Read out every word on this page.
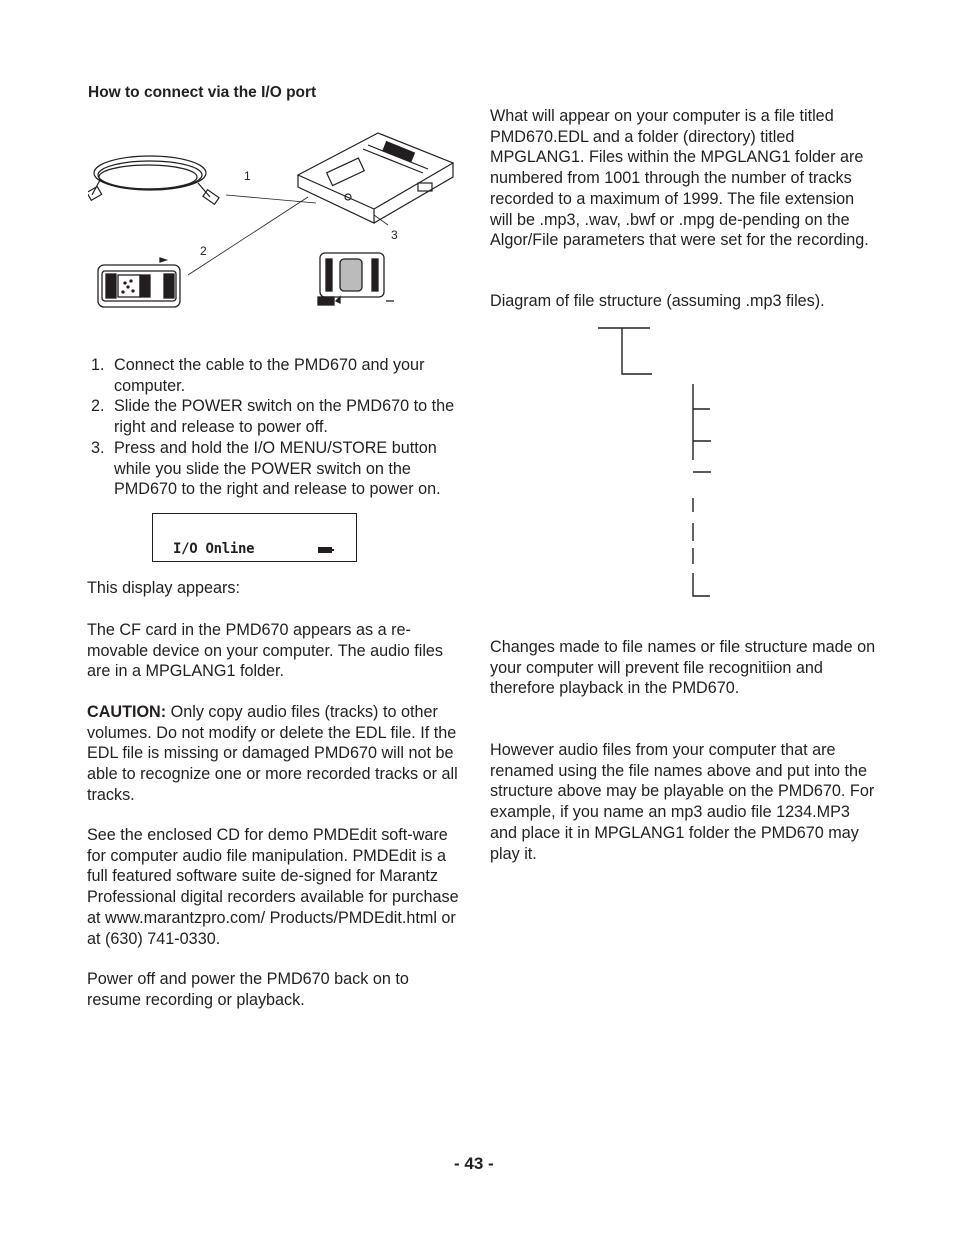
How to connect via the I/O port
1
2
3
1. Connect the cable to the PMD670 and your computer.
2. Slide the POWER switch on the PMD670 to the right and release to power off.
3. Press and hold the I/O MENU/STORE button while you slide the POWER switch on the PMD670 to the right and release to power on.
I/O Online

This display appears:

The CF card in the PMD670 appears as a re-movable device on your computer. The audio files are in a MPGLANG1 folder.

CAUTION: Only copy audio files (tracks) to other volumes. Do not modify or delete the EDL file. If the EDL file is missing or damaged PMD670 will not be able to recognize one or more recorded tracks or all tracks.

See the enclosed CD for demo PMDEdit soft-ware for computer audio file manipulation. PMDEdit is a full featured software suite de-signed for Marantz Professional digital recorders available for purchase at www.marantzpro.com/ Products/PMDEdit.html or at (630) 741-0330.

Power off and power the PMD670 back on to resume recording or playback.

What will appear on your computer is a file titled PMD670.EDL and a folder (directory) titled MPGLANG1. Files within the MPGLANG1 folder are numbered from 1001 through the number of tracks recorded to a maximum of 1999. The file extension will be .mp3, .wav, .bwf or .mpg de-pending on the Algor/File parameters that were set for the recording.

Diagram of file structure (assuming .mp3 files).

Changes made to file names or file structure made on your computer will prevent file recognitiion and therefore playback in the PMD670.

However audio files from your computer that are renamed using the file names above and put into the structure above may be playable on the PMD670. For example, if you name an mp3 audio file 1234.MP3 and place it in MPGLANG1 folder the PMD670 may play it.

- 43 -
